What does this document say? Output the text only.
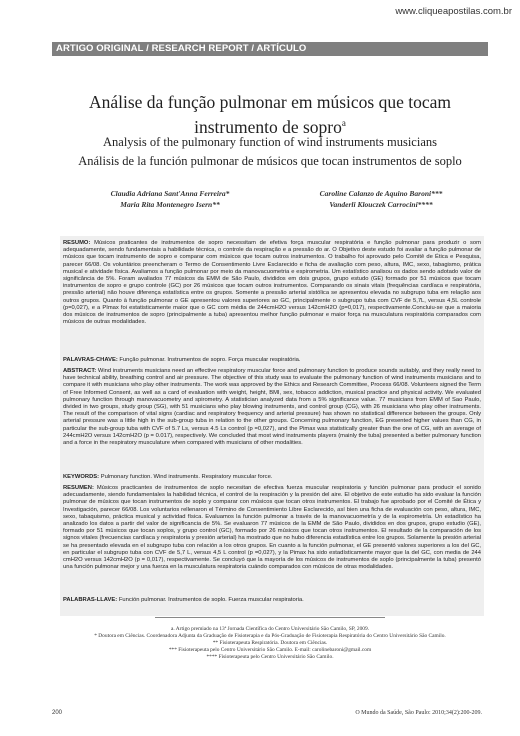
www.cliqueapostilas.com.br
ARTIGO ORIGINAL / RESEARCH REPORT / ARTÍCULO
Análise da função pulmonar em músicos que tocam instrumento de sopro$^a$
Analysis of the pulmonary function of wind instruments musicians
Análisis de la función pulmonar de músicos que tocan instrumentos de soplo
Claudia Adriana Sant'Anna Ferreira*
Maria Rita Montenegro Isern**
Caroline Calanzo de Aquino Baroni***
Vanderli Klouczek Carrocini****
RESUMO: Músicos praticantes de instrumentos de sopro necessitam de efetiva força muscular respiratória e função pulmonar para produzir o som adequadamente, sendo fundamentais a habilidade técnica, o controle da respiração e a pressão do ar. O Objetivo deste estudo foi avaliar a função pulmonar de músicos que tocam instrumento de sopro e comparar com músicos que tocam outros instrumentos. O trabalho foi aprovado pelo Comitê de Ética e Pesquisa, parecer 66/08. Os voluntários preencheram o Termo de Consentimento Livre Esclarecido e ficha de avaliação com peso, altura, IMC, sexo, tabagismo, prática musical e atividade física. Avaliamos a função pulmonar por meio da manovacuometria e espirometria. Um estatístico analisou os dados sendo adotado valor de significância de 5%. Foram avaliados 77 músicos da EMM de São Paulo, divididos em dois grupos, grupo estudo (GE) formado por 51 músicos que tocam instrumentos de sopro e grupo controle (GC) por 26 músicos que tocam outros instrumentos. Comparando os sinais vitais (frequências cardíaca e respiratória, pressão arterial) não houve diferença estatística entre os grupos. Somente a pressão arterial sistólica se apresentou elevada no subgrupo tuba em relação aos outros grupos. Quanto à função pulmonar o GE apresentou valores superiores ao GC, principalmente o subgrupo tuba com CVF de 5,7L, versus 4,5L controle (p=0,027), e a PImax foi estatisticamente maior que o GC com média de 244cmH2O versus 142cmH2O (p=0,017), respectivamente.Concluiu-se que a maioria dos músicos de instrumentos de sopro (principalmente a tuba) apresentou melhor função pulmonar e maior força na musculatura respiratória comparados com músicos de outras modalidades.
PALAVRAS-CHAVE: Função pulmonar. Instrumentos de sopro. Força muscular respiratória.
ABSTRACT: Wind instruments musicians need an effective respiratory muscular force and pulmonary function to produce sounds suitably, and they really need to have technical ability, breathing control and air pressure. The objective of this study was to evaluate the pulmonary function of wind instruments musicians and to compare it with musicians who play other instruments. The work was approved by the Ethics and Research Committee, Process 66/08. Volunteers signed the Term of Free Informed Consent, as well as a card of evaluation with weight, height, BMI, sex, tobacco addiction, musical practice and physical activity. We evaluated pulmonary function through manovacuometry and spirometry. A statistician analyzed data from a 5% significance value. 77 musicians from EMM of Sao Paulo, divided in two groups, study group (SG), with 51 musicians who play blowing instruments, and control group (CG), with 26 musicians who play other instruments. The result of the comparison of vital signs (cardiac and respiratory frequency and arterial pressure) has shown no statistical difference between the groups. Only arterial pressure was a little high in the sub-group tuba in relation to the other groups. Concerning pulmonary function, EG presented higher values than CG, in particular the sub-group tuba with CVF of 5.7 Ls, versus 4.5 Ls control (p =0,027), and the Pimax was statistically greater than the one of CG, with an average of 244cmH2O versus 142cmH2O (p = 0.017), respectively. We concluded that most wind instruments players (mainly the tuba) presented a better pulmonary function and a force in the respiratory musculature when compared with musicians of other modalities.
KEYWORDS: Pulmonary function. Wind instruments. Respiratory muscular force.
RESUMEN: Músicos practicantes de instrumentos de soplo necesitan de efectiva fuerza muscular respiratoria y función pulmonar para producir el sonido adecuadamente, siendo fundamentales la habilidad técnica, el control de la respiración y la presión del aire. El objetivo de este estudio ha sido evaluar la función pulmonar de músicos que tocan instrumentos de soplo y comparar con músicos que tocan otros instrumentos. El trabajo fue aprobado por el Comité de Ética y Investigación, parecer 66/08. Los voluntarios rellenaron el Término de Consentimiento Libre Esclarecido, así bien una ficha de evaluación con peso, altura, IMC, sexo, tabaquismo, práctica musical y actividad física. Evaluamos la función pulmonar a través de la manovacuometría y de la espirometría. Un estadístico ha analizado los datos a partir del valor de significancia de 5%. Se evaluaron 77 músicos de la EMM de São Paulo, divididos en dos grupos, grupo estudio (GE), formado por 51 músicos que tocan soplos, y grupo control (GC), formado por 26 músicos que tocan otros instrumentos. El resultado de la comparación de los signos vitales (frecuencias cardíaca y respiratoria y presión arterial) ha mostrado que no hubo diferencia estadística entre los grupos. Solamente la presión arterial se ha presentado elevada en el subgrupo tuba con relación a los otros grupos. En cuanto a la función pulmonar, el GE presentó valores superiores a los del GC, en particular el subgrupo tuba con CVF de 5,7 L, versus 4,5 L control (p =0,027), y la Pimax ha sido estadísticamente mayor que la del GC, con media de 244 cmH2O versus 142cmH2O (p = 0,017), respectivamente. Se concluyó que la mayoría de los músicos de instrumentos de soplo (principalmente la tuba) presentó una función pulmonar mejor y una fuerza en la musculatura respiratoria cuándo comparados con músicos de otras modalidades.
PALABRAS-LLAVE: Función pulmonar. Instrumentos de soplo. Fuerza muscular respiratoria.
a. Artigo premiado na 13ª Jornada Científica do Centro Universitário São Camilo, SP, 2009.
* Doutora em Ciências. Coordenadora Adjunta da Graduação de Fisioterapia e da Pós-Graduação de Fisioterapia Respiratória do Centro Universitário São Camilo.
** Fisioterapeuta Respiratória. Doutora em Ciências.
*** Fisioterapeuta pelo Centro Universitário São Camilo. E-mail: carolinebaroni@gmail.com
**** Fisioterapeuta pelo Centro Universitário São Camilo.
200	O Mundo da Saúde, São Paulo: 2010;34(2):200-209.
